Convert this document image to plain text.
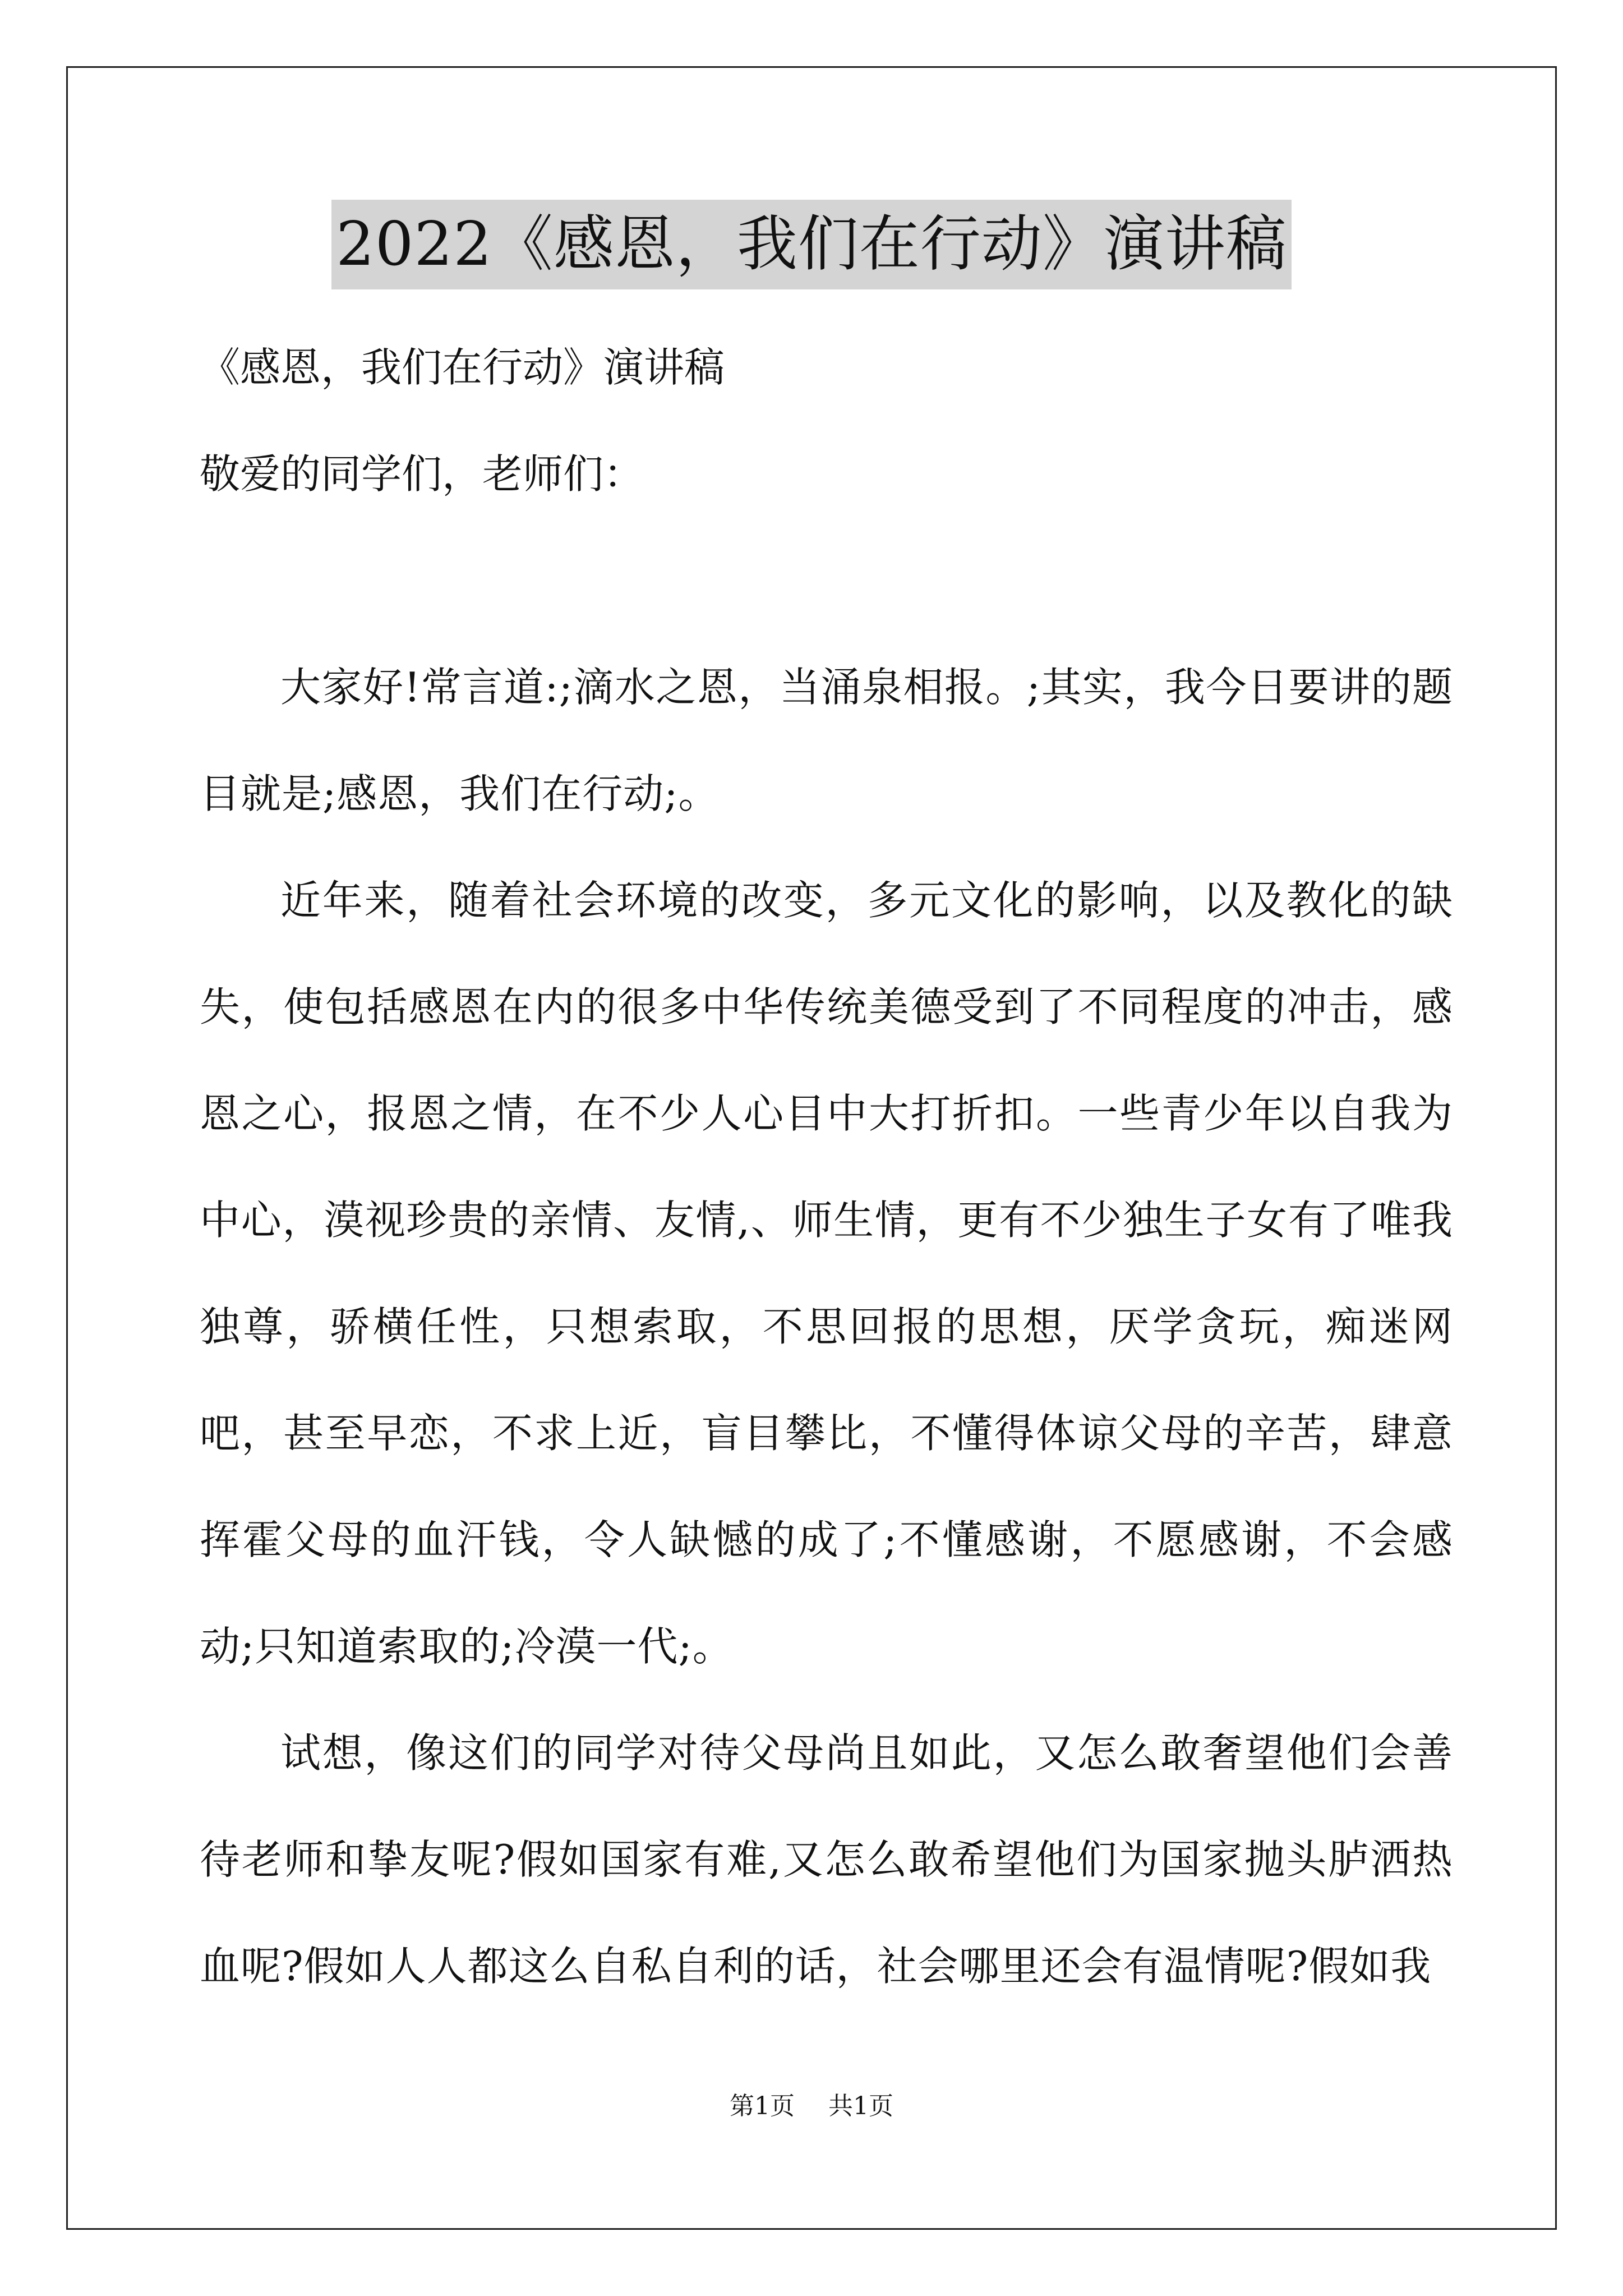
2022《感恩，我们在行动》演讲稿

《感恩，我们在行动》演讲稿

敬爱的同学们，老师们：

大家好!常言道:;滴水之恩，当涌泉相报。;其实，我今日要讲的题目就是;感恩，我们在行动;。

近年来，随着社会环境的改变，多元文化的影响，以及教化的缺失，使包括感恩在内的很多中华传统美德受到了不同程度的冲击，感恩之心，报恩之情，在不少人心目中大打折扣。一些青少年以自我为中心，漠视珍贵的亲情、友情,、师生情，更有不少独生子女有了唯我独尊，骄横任性，只想索取，不思回报的思想，厌学贪玩，痴迷网吧，甚至早恋，不求上近，盲目攀比，不懂得体谅父母的辛苦，肆意挥霍父母的血汗钱，令人缺憾的成了;不懂感谢，不愿感谢，不会感动;只知道索取的;冷漠一代;。

试想，像这们的同学对待父母尚且如此，又怎么敢奢望他们会善待老师和挚友呢?假如国家有难,又怎么敢希望他们为国家抛头胪洒热血呢?假如人人都这么自私自利的话，社会哪里还会有温情呢?假如我

第1页 共1页
